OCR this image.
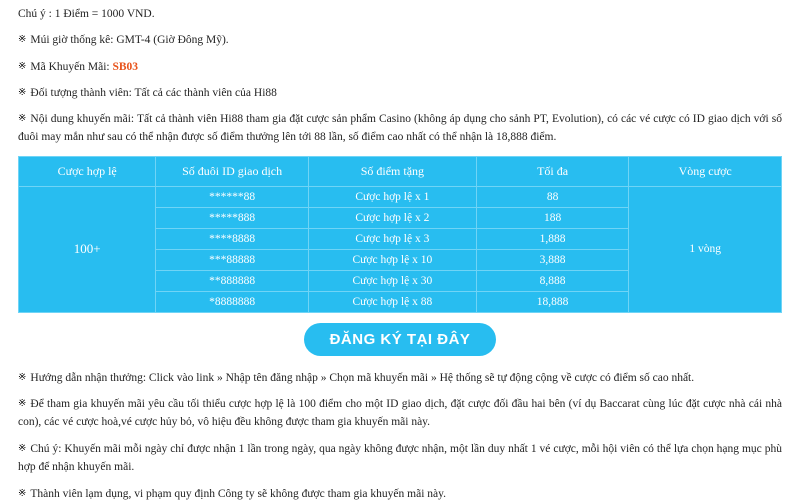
Chú ý : 1 Điểm = 1000 VND.

※ Múi giờ thống kê: GMT-4 (Giờ Đông Mỹ).

※ Mã Khuyến Mãi: SB03

※ Đối tượng thành viên: Tất cả các thành viên của Hi88

※ Nội dung khuyến mãi: Tất cả thành viên Hi88 tham gia đặt cược sản phẩm Casino (không áp dụng cho sảnh PT, Evolution), có các vé cược có ID giao dịch với số đuôi may mắn như sau có thể nhận được số điểm thưởng lên tới 88 lần, số điểm cao nhất có thể nhận là 18,888 điểm.

Cược hợp lệ	Số đuôi ID giao dịch	Số điểm tặng	Tối đa	Vòng cược
100+	******88	Cược hợp lệ x 1	88	1 vòng
	*****888	Cược hợp lệ x 2	188	
	****8888	Cược hợp lệ x 3	1,888	
	***88888	Cược hợp lệ x 10	3,888	
	**888888	Cược hợp lệ x 30	8,888	
	*8888888	Cược hợp lệ x 88	18,888	
ĐĂNG KÝ TẠI ĐÂY

※ Hướng dẫn nhận thưởng: Click vào link » Nhập tên đăng nhập » Chọn mã khuyến mãi » Hệ thống sẽ tự động cộng về cược có điểm số cao nhất.

※ Để tham gia khuyến mãi yêu cầu tối thiểu cược hợp lệ là 100 điểm cho một ID giao dịch, đặt cược đối đầu hai bên (ví dụ Baccarat cùng lúc đặt cược nhà cái nhà con), các vé cược hoà,vé cược hủy bỏ, vô hiệu đều không được tham gia khuyến mãi này.

※ Chú ý: Khuyến mãi mỗi ngày chỉ được nhận 1 lần trong ngày, qua ngày không được nhận, một lần duy nhất 1 vé cược, mỗi hội viên có thể lựa chọn hạng mục phù hợp để nhận khuyến mãi.

※ Thành viên lạm dụng, vi phạm quy định Công ty sẽ không được tham gia khuyến mãi này.
